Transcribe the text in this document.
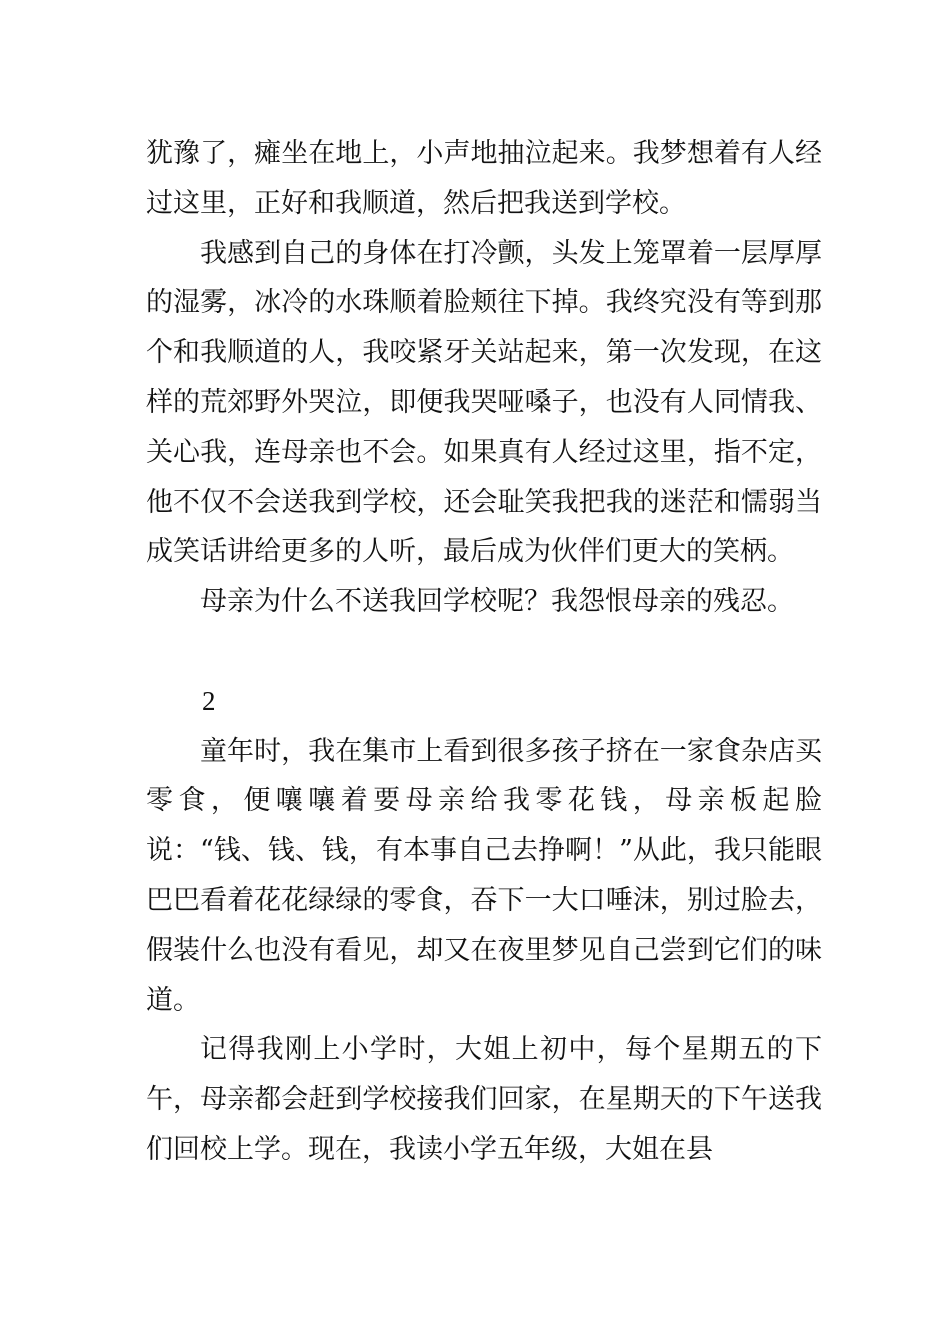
犹豫了，瘫坐在地上，小声地抽泣起来。我梦想着有人经过这里，正好和我顺道，然后把我送到学校。

我感到自己的身体在打冷颤，头发上笼罩着一层厚厚的湿雾，冰冷的水珠顺着脸颊往下掉。我终究没有等到那个和我顺道的人，我咬紧牙关站起来，第一次发现，在这样的荒郊野外哭泣，即便我哭哑嗓子，也没有人同情我、关心我，连母亲也不会。如果真有人经过这里，指不定，他不仅不会送我到学校，还会耻笑我把我的迷茫和懦弱当成笑话讲给更多的人听，最后成为伙伴们更大的笑柄。

母亲为什么不送我回学校呢？我怨恨母亲的残忍。

2

童年时，我在集市上看到很多孩子挤在一家食杂店买零食，便嚷嚷着要母亲给我零花钱，母亲板起脸说：“钱、钱、钱，有本事自己去挣啊！”从此，我只能眼巴巴看着花花绿绿的零食，吞下一大口唾沫，别过脸去，假装什么也没有看见，却又在夜里梦见自己尝到它们的味道。

记得我刚上小学时，大姐上初中，每个星期五的下午，母亲都会赶到学校接我们回家，在星期天的下午送我们回校上学。现在，我读小学五年级，大姐在县
